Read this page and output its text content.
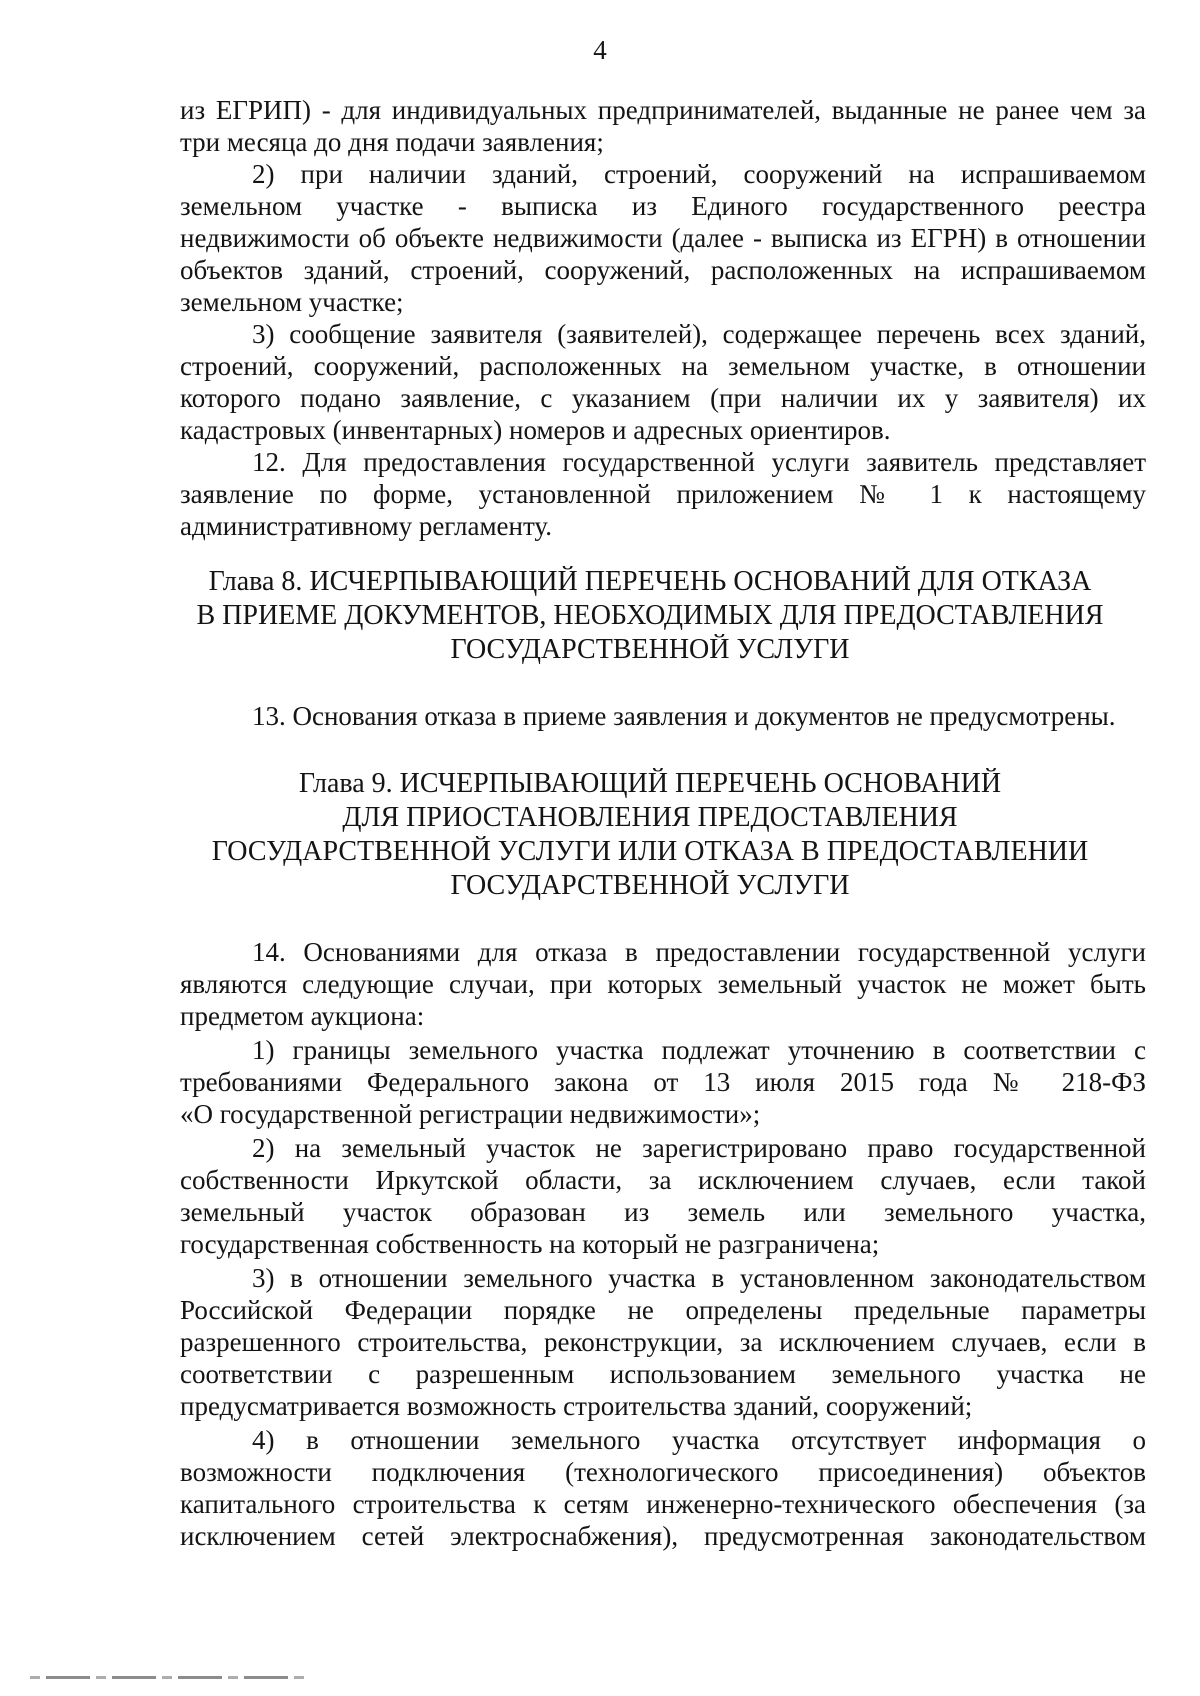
4
из ЕГРИП) - для индивидуальных предпринимателей, выданные не ранее чем за
три месяца до дня подачи заявления;
2) при наличии зданий, строений, сооружений на испрашиваемом
земельном участке - выписка из Единого государственного реестра
недвижимости об объекте недвижимости (далее - выписка из ЕГРН) в отношении
объектов зданий, строений, сооружений, расположенных на испрашиваемом
земельном участке;
3) сообщение заявителя (заявителей), содержащее перечень всех зданий,
строений, сооружений, расположенных на земельном участке, в отношении
которого подано заявление, с указанием (при наличии их у заявителя) их
кадастровых (инвентарных) номеров и адресных ориентиров.
12. Для предоставления государственной услуги заявитель представляет
заявление по форме, установленной приложением № 1 к настоящему
административному регламенту.
Глава 8. ИСЧЕРПЫВАЮЩИЙ ПЕРЕЧЕНЬ ОСНОВАНИЙ ДЛЯ ОТКАЗА
В ПРИЕМЕ ДОКУМЕНТОВ, НЕОБХОДИМЫХ ДЛЯ ПРЕДОСТАВЛЕНИЯ
ГОСУДАРСТВЕННОЙ УСЛУГИ
13. Основания отказа в приеме заявления и документов не предусмотрены.
Глава 9. ИСЧЕРПЫВАЮЩИЙ ПЕРЕЧЕНЬ ОСНОВАНИЙ
ДЛЯ ПРИОСТАНОВЛЕНИЯ ПРЕДОСТАВЛЕНИЯ
ГОСУДАРСТВЕННОЙ УСЛУГИ ИЛИ ОТКАЗА В ПРЕДОСТАВЛЕНИИ
ГОСУДАРСТВЕННОЙ УСЛУГИ
14. Основаниями для отказа в предоставлении государственной услуги
являются следующие случаи, при которых земельный участок не может быть
предметом аукциона:
1) границы земельного участка подлежат уточнению в соответствии с
требованиями Федерального закона от 13 июля 2015 года № 218-ФЗ
«О государственной регистрации недвижимости»;
2) на земельный участок не зарегистрировано право государственной
собственности Иркутской области, за исключением случаев, если такой
земельный участок образован из земель или земельного участка,
государственная собственность на который не разграничена;
3) в отношении земельного участка в установленном законодательством
Российской Федерации порядке не определены предельные параметры
разрешенного строительства, реконструкции, за исключением случаев, если в
соответствии с разрешенным использованием земельного участка не
предусматривается возможность строительства зданий, сооружений;
4) в отношении земельного участка отсутствует информация о
возможности подключения (технологического присоединения) объектов
капитального строительства к сетям инженерно-технического обеспечения (за
исключением сетей электроснабжения), предусмотренная законодательством
